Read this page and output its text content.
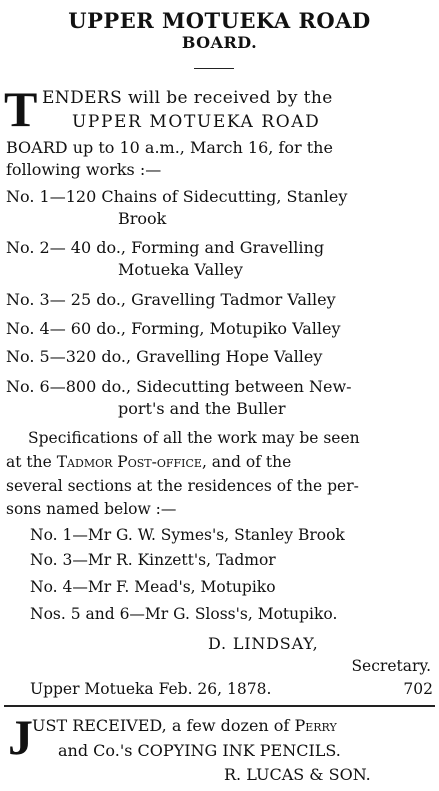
UPPER MOTUEKA ROAD
BOARD.
T ENDERS will be received by the
UPPER MOTUEKA ROAD
BOARD up to 10 a.m., March 16, for the
following works :—
No. 1—120 Chains of Sidecutting, Stanley
Brook
No. 2— 40 do., Forming and Gravelling
Motueka Valley
No. 3— 25 do., Gravelling Tadmor Valley
No. 4— 60 do., Forming, Motupiko Valley
No. 5—320 do., Gravelling Hope Valley
No. 6—800 do., Sidecutting between New-
port's and the Buller
Specifications of all the work may be seen
at the Tadmor Post-office, and of the
several sections at the residences of the per-
sons named below :—
No. 1—Mr G. W. Symes's, Stanley Brook
No. 3—Mr R. Kinzett's, Tadmor
No. 4—Mr F. Mead's, Motupiko
Nos. 5 and 6—Mr G. Sloss's, Motupiko.
D. LINDSAY,
Secretary.
Upper Motueka Feb. 26, 1878.	702
J UST RECEIVED, a few dozen of Perry
and Co.'s COPYING INK PENCILS.
R. LUCAS & SON.
